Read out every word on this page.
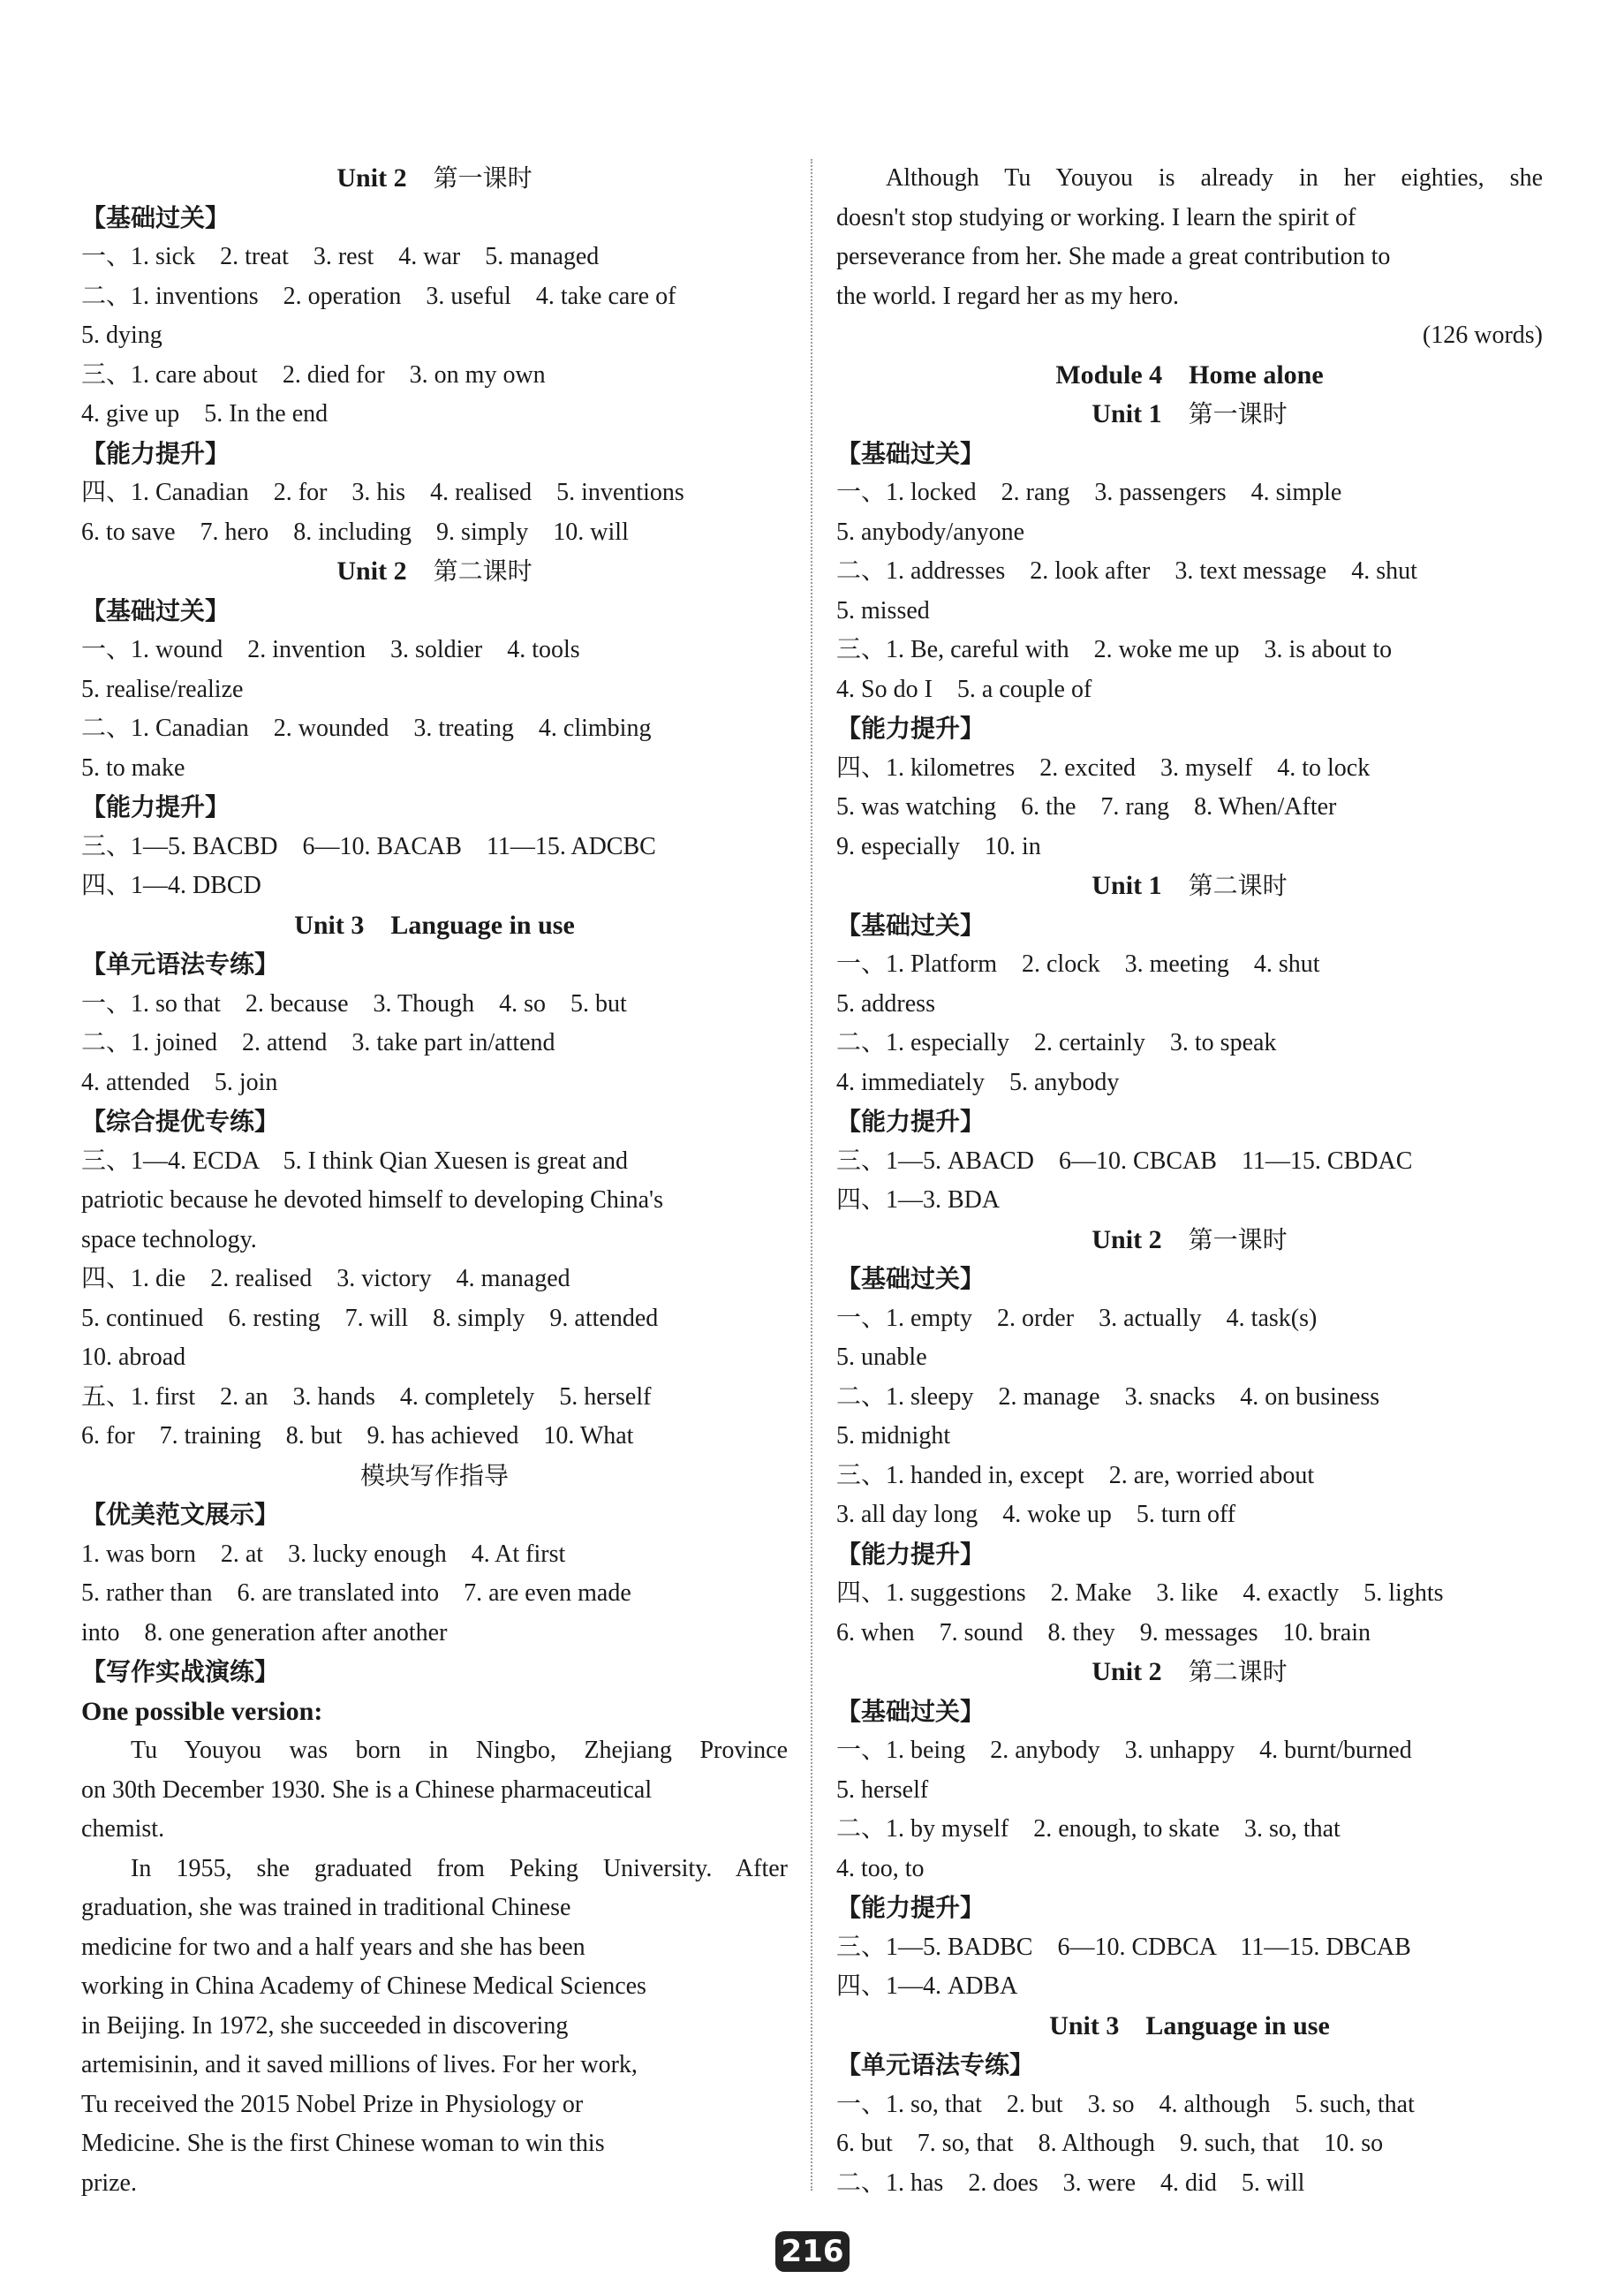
Unit 2　 第一课时
【基础过关】
一、1. sick　2. treat　3. rest　4. war　5. managed
二、1. inventions　2. operation　3. useful　4. take care of
5. dying
三、1. care about　2. died for　3. on my own
4. give up　5. In the end
【能力提升】
四、1. Canadian　2. for　3. his　4. realised　5. inventions
6. to save　7. hero　8. including　9. simply　10. will
Unit 2　 第二课时
【基础过关】
一、1. wound　2. invention　3. soldier　4. tools
5. realise/realize
二、1. Canadian　2. wounded　3. treating　4. climbing
5. to make
【能力提升】
三、1—5. BACBD　6—10. BACAB　11—15. ADCBC
四、1—4. DBCD
Unit 3　Language in use
【单元语法专练】
一、1. so that　2. because　3. Though　4. so　5. but
二、1. joined　2. attend　3. take part in/attend
4. attended　5. join
【综合提优专练】
三、1—4. ECDA　5. I think Qian Xuesen is great and
patriotic because he devoted himself to developing China's
space technology.
四、1. die　2. realised　3. victory　4. managed
5. continued　6. resting　7. will　8. simply　9. attended
10. abroad
五、1. first　2. an　3. hands　4. completely　5. herself
6. for　7. training　8. but　9. has achieved　10. What
模块写作指导
【优美范文展示】
1. was born　2. at　3. lucky enough　4. At first
5. rather than　6. are translated into　7. are even made
into　8. one generation after another
【写作实战演练】
One possible version:
Tu Youyou was born in Ningbo, Zhejiang Province
on 30th December 1930. She is a Chinese pharmaceutical
chemist.
In 1955, she graduated from Peking University. After
graduation, she was trained in traditional Chinese
medicine for two and a half years and she has been
working in China Academy of Chinese Medical Sciences
in Beijing. In 1972, she succeeded in discovering
artemisinin, and it saved millions of lives. For her work,
Tu received the 2015 Nobel Prize in Physiology or
Medicine. She is the first Chinese woman to win this
prize.
Although Tu Youyou is already in her eighties, she
doesn't stop studying or working. I learn the spirit of
perseverance from her. She made a great contribution to
the world. I regard her as my hero.
(126 words)
Module 4　Home alone
Unit 1　 第一课时
【基础过关】
一、1. locked　2. rang　3. passengers　4. simple
5. anybody/anyone
二、1. addresses　2. look after　3. text message　4. shut
5. missed
三、1. Be, careful with　2. woke me up　3. is about to
4. So do I　5. a couple of
【能力提升】
四、1. kilometres　2. excited　3. myself　4. to lock
5. was watching　6. the　7. rang　8. When/After
9. especially　10. in
Unit 1　 第二课时
【基础过关】
一、1. Platform　2. clock　3. meeting　4. shut
5. address
二、1. especially　2. certainly　3. to speak
4. immediately　5. anybody
【能力提升】
三、1—5. ABACD　6—10. CBCAB　11—15. CBDAC
四、1—3. BDA
Unit 2　 第一课时
【基础过关】
一、1. empty　2. order　3. actually　4. task(s)
5. unable
二、1. sleepy　2. manage　3. snacks　4. on business
5. midnight
三、1. handed in, except　2. are, worried about
3. all day long　4. woke up　5. turn off
【能力提升】
四、1. suggestions　2. Make　3. like　4. exactly　5. lights
6. when　7. sound　8. they　9. messages　10. brain
Unit 2　 第二课时
【基础过关】
一、1. being　2. anybody　3. unhappy　4. burnt/burned
5. herself
二、1. by myself　2. enough, to skate　3. so, that
4. too, to
【能力提升】
三、1—5. BADBC　6—10. CDBCA　11—15. DBCAB
四、1—4. ADBA
Unit 3　Language in use
【单元语法专练】
一、1. so, that　2. but　3. so　4. although　5. such, that
6. but　7. so, that　8. Although　9. such, that　10. so
二、1. has　2. does　3. were　4. did　5. will
216
